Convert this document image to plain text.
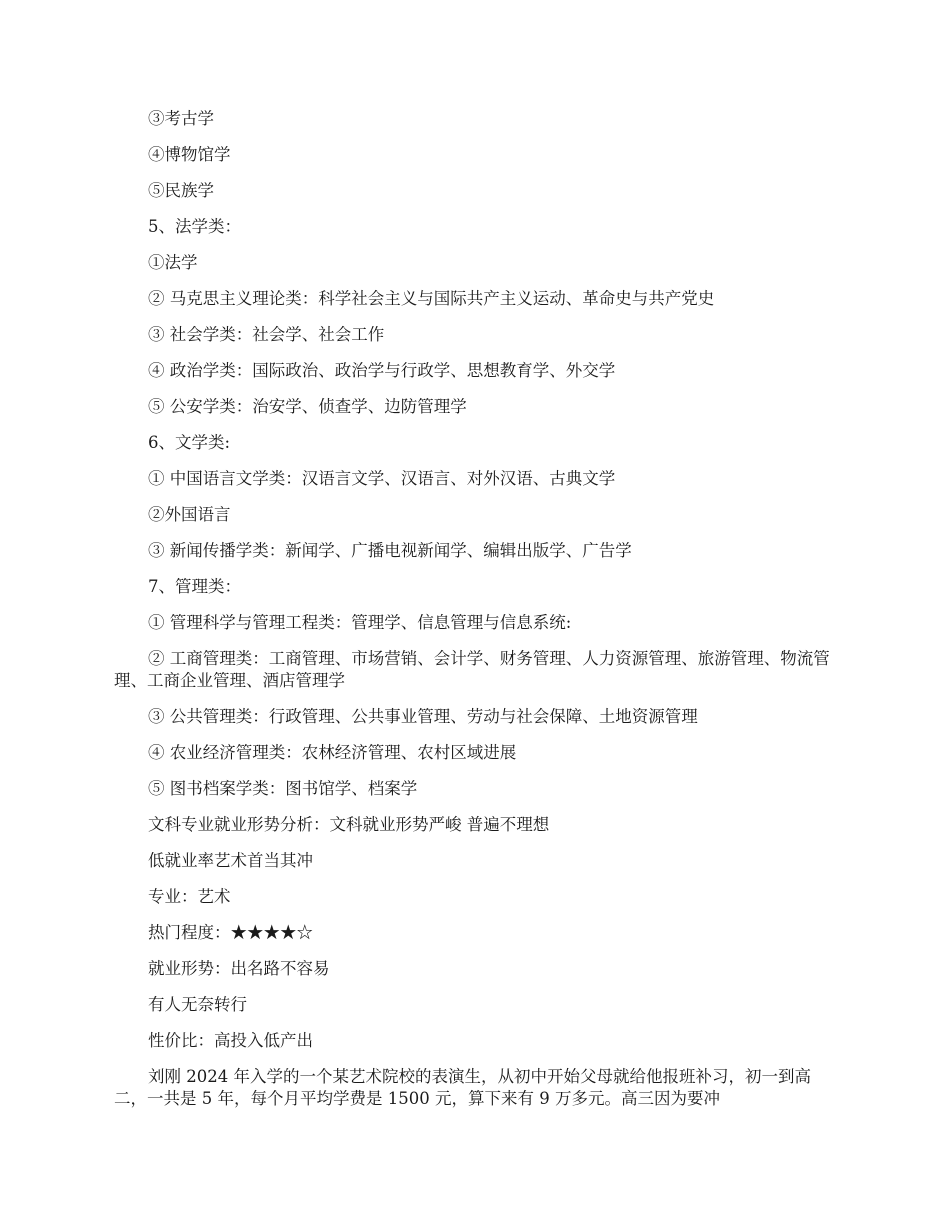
③考古学

④博物馆学

⑤民族学

5、法学类：

①法学

② 马克思主义理论类：科学社会主义与国际共产主义运动、革命史与共产党史

③ 社会学类：社会学、社会工作

④ 政治学类：国际政治、政治学与行政学、思想教育学、外交学

⑤ 公安学类：治安学、侦查学、边防管理学

6、文学类:

① 中国语言文学类：汉语言文学、汉语言、对外汉语、古典文学

②外国语言

③ 新闻传播学类：新闻学、广播电视新闻学、编辑出版学、广告学

7、管理类：

① 管理科学与管理工程类：管理学、信息管理与信息系统:

② 工商管理类：工商管理、市场营销、会计学、财务管理、人力资源管理、旅游管理、物流管理、工商企业管理、酒店管理学

③ 公共管理类：行政管理、公共事业管理、劳动与社会保障、土地资源管理

④ 农业经济管理类：农林经济管理、农村区域进展

⑤ 图书档案学类：图书馆学、档案学

文科专业就业形势分析：文科就业形势严峻 普遍不理想

低就业率艺术首当其冲

专业：艺术

热门程度：★★★★☆

就业形势：出名路不容易

有人无奈转行

性价比：高投入低产出

刘刚 2024 年入学的一个某艺术院校的表演生，从初中开始父母就给他报班补习，初一到高二，一共是 5 年，每个月平均学费是 1500 元，算下来有 9 万多元。高三因为要冲
